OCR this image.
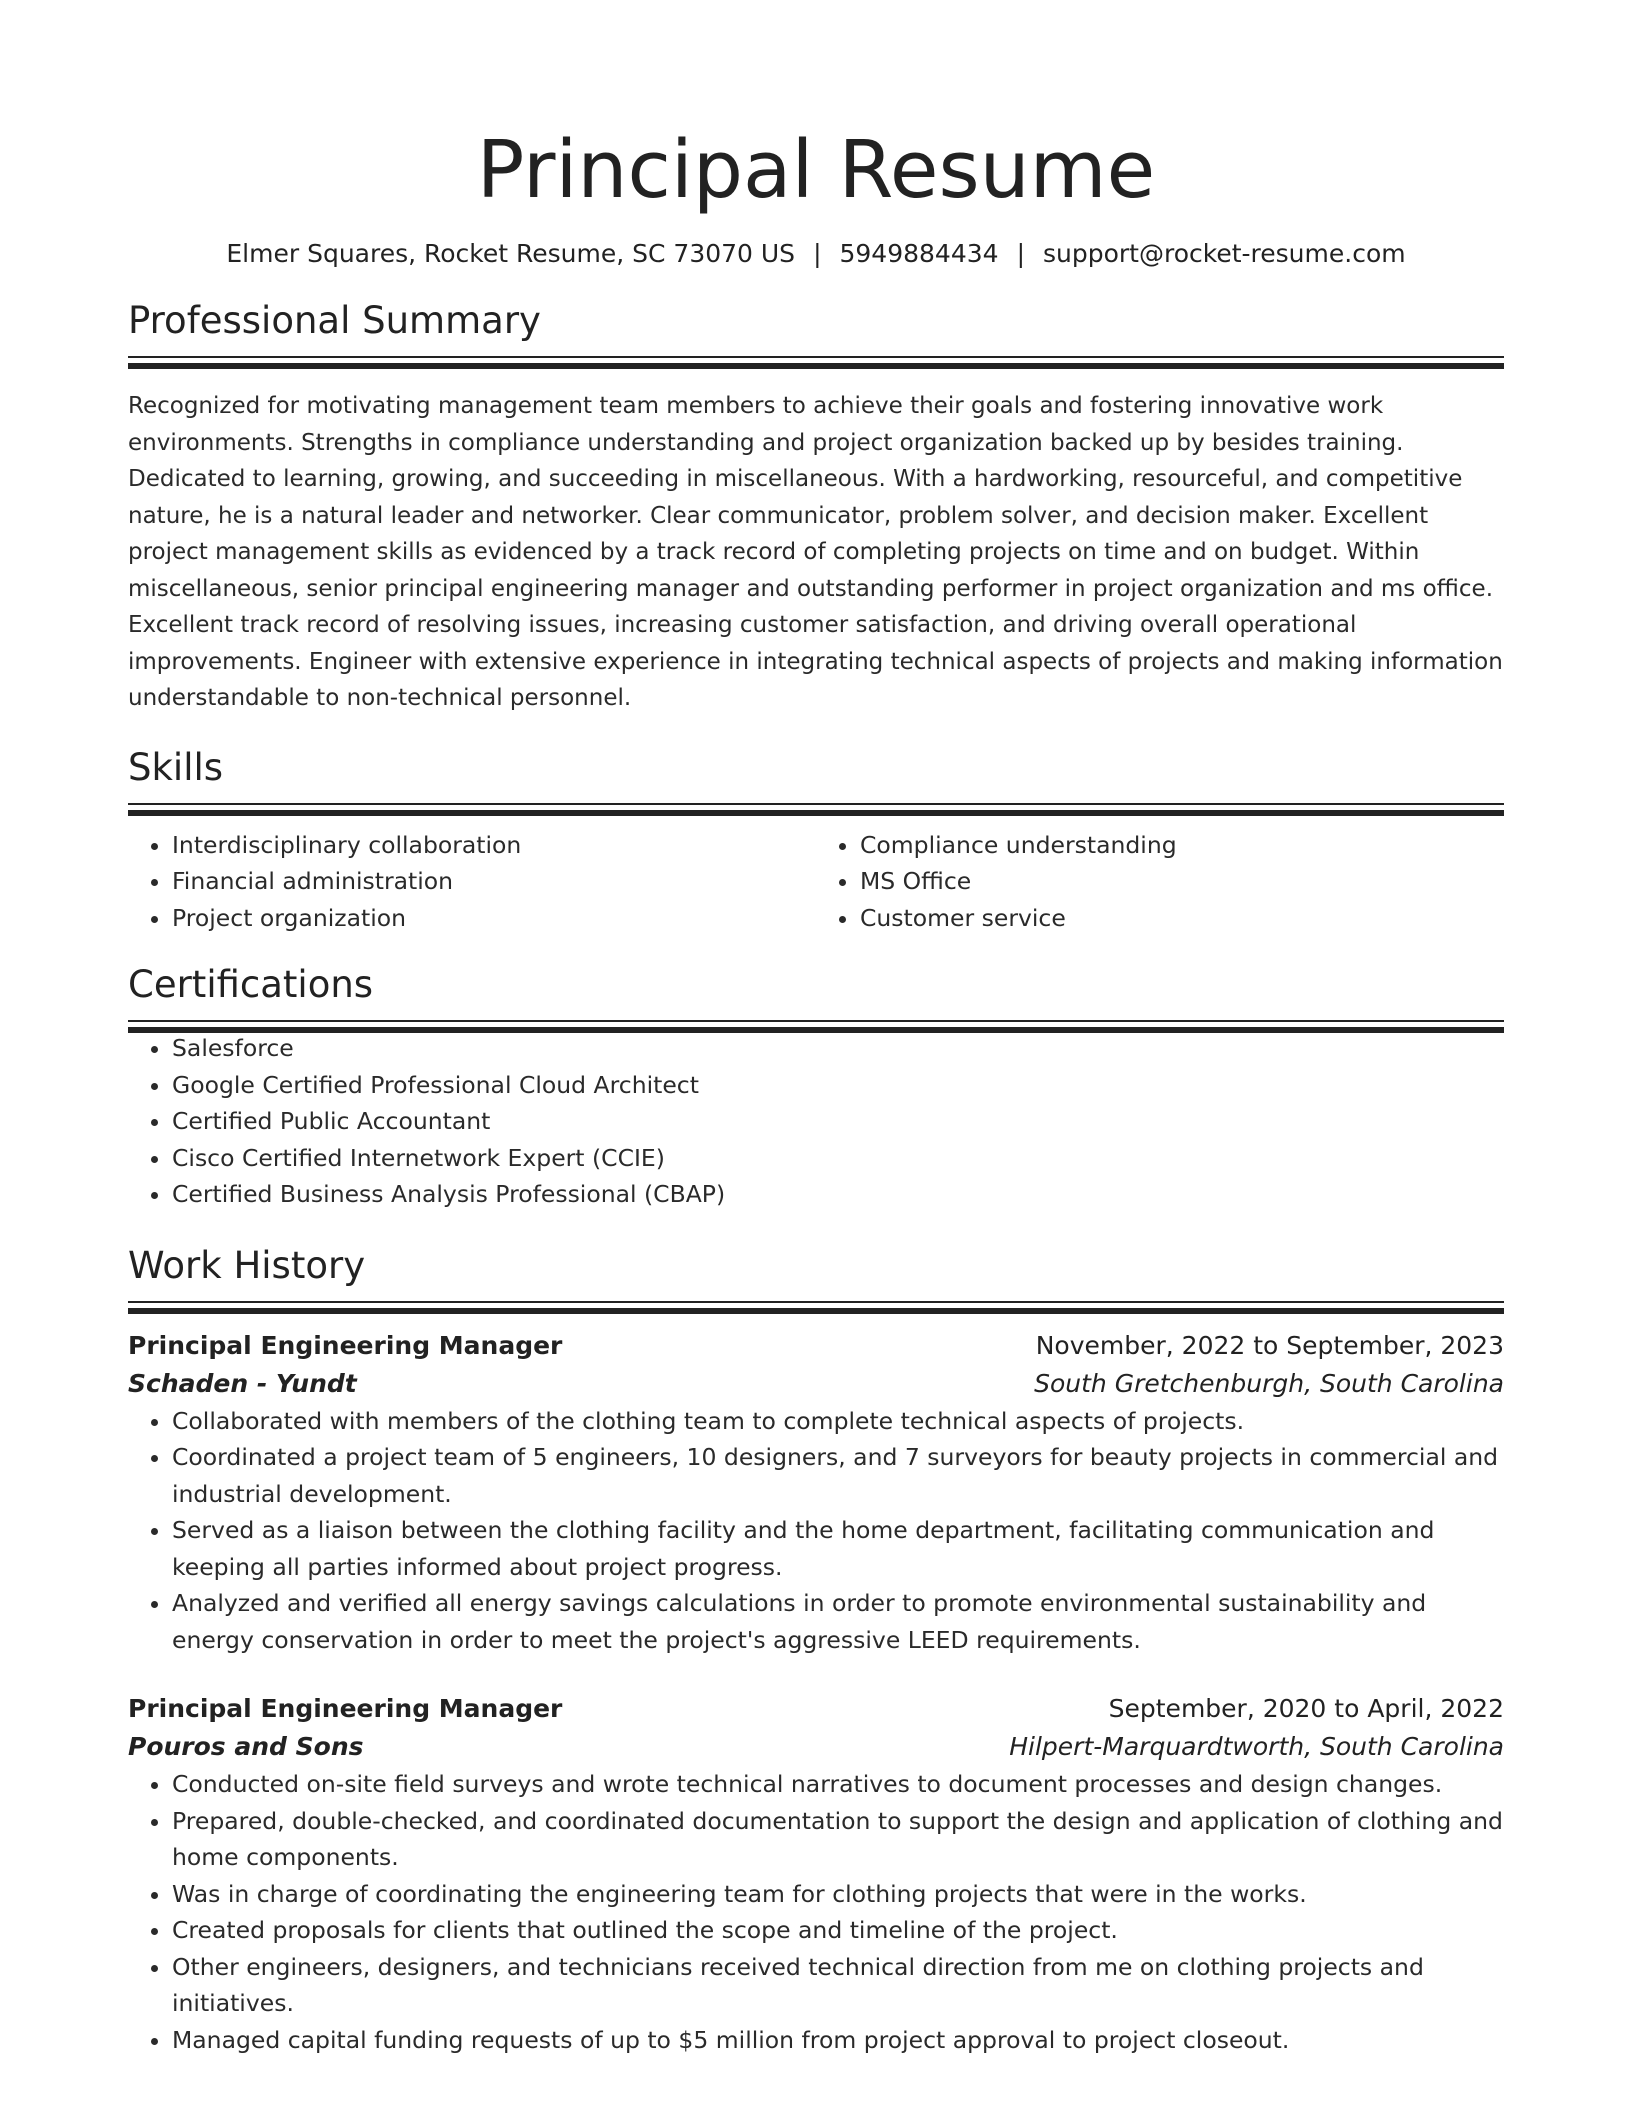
Principal Resume
Elmer Squares, Rocket Resume, SC 73070 US | 5949884434 | support@rocket-resume.com
Professional Summary
Recognized for motivating management team members to achieve their goals and fostering innovative work environments. Strengths in compliance understanding and project organization backed up by besides training. Dedicated to learning, growing, and succeeding in miscellaneous. With a hardworking, resourceful, and competitive nature, he is a natural leader and networker. Clear communicator, problem solver, and decision maker. Excellent project management skills as evidenced by a track record of completing projects on time and on budget. Within miscellaneous, senior principal engineering manager and outstanding performer in project organization and ms office. Excellent track record of resolving issues, increasing customer satisfaction, and driving overall operational improvements. Engineer with extensive experience in integrating technical aspects of projects and making information understandable to non-technical personnel.
Skills
• Interdisciplinary collaboration
• Financial administration
• Project organization
• Compliance understanding
• MS Office
• Customer service
Certifications
• Salesforce
• Google Certified Professional Cloud Architect
• Certified Public Accountant
• Cisco Certified Internetwork Expert (CCIE)
• Certified Business Analysis Professional (CBAP)
Work History
Principal Engineering Manager	November, 2022 to September, 2023
Schaden - Yundt	South Gretchenburgh, South Carolina
• Collaborated with members of the clothing team to complete technical aspects of projects.
• Coordinated a project team of 5 engineers, 10 designers, and 7 surveyors for beauty projects in commercial and industrial development.
• Served as a liaison between the clothing facility and the home department, facilitating communication and keeping all parties informed about project progress.
• Analyzed and verified all energy savings calculations in order to promote environmental sustainability and energy conservation in order to meet the project's aggressive LEED requirements.
Principal Engineering Manager	September, 2020 to April, 2022
Pouros and Sons	Hilpert-Marquardtworth, South Carolina
• Conducted on-site field surveys and wrote technical narratives to document processes and design changes.
• Prepared, double-checked, and coordinated documentation to support the design and application of clothing and home components.
• Was in charge of coordinating the engineering team for clothing projects that were in the works.
• Created proposals for clients that outlined the scope and timeline of the project.
• Other engineers, designers, and technicians received technical direction from me on clothing projects and initiatives.
• Managed capital funding requests of up to $5 million from project approval to project closeout.
